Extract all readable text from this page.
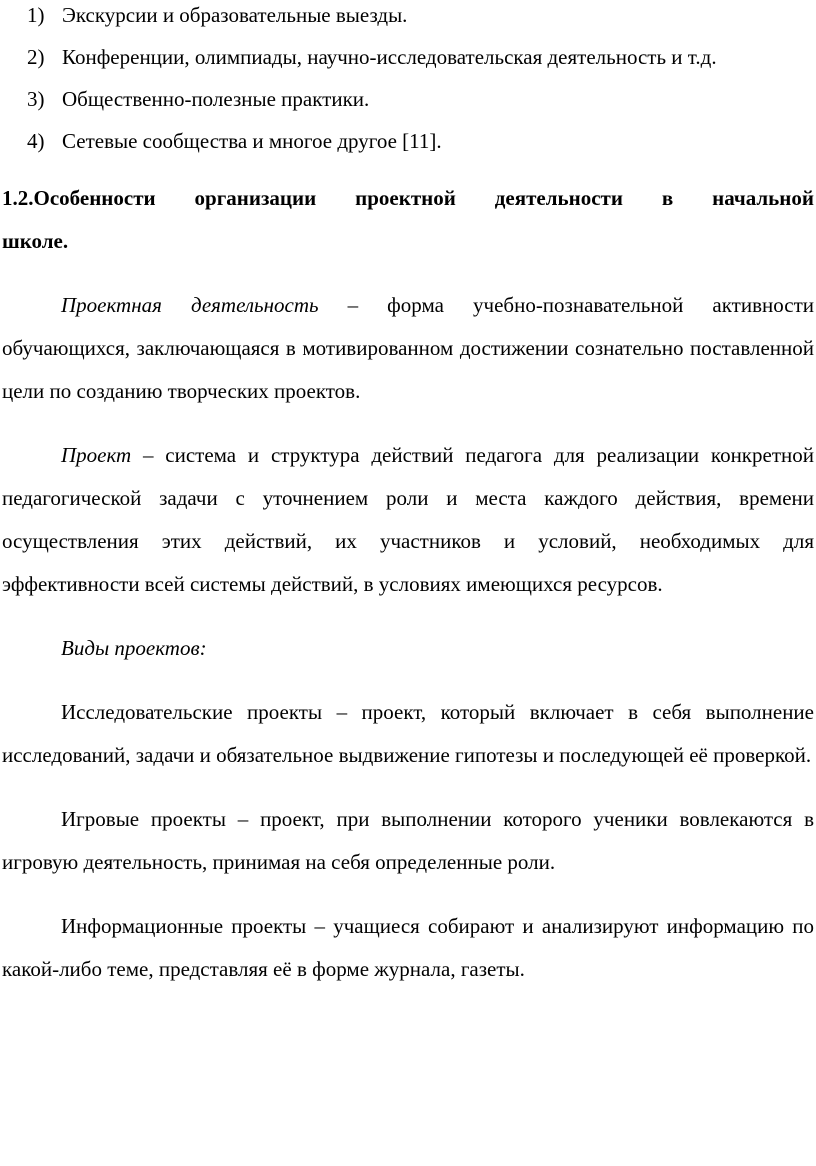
1) Экскурсии и образовательные выезды.
2) Конференции, олимпиады, научно-исследовательская деятельность и т.д.
3) Общественно-полезные практики.
4) Сетевые сообщества и многое другое [11].
1.2.Особенности организации проектной деятельности в начальной
школе.

Проектная деятельность – форма учебно-познавательной активности обучающихся, заключающаяся в мотивированном достижении сознательно поставленной цели по созданию творческих проектов.

Проект – система и структура действий педагога для реализации конкретной педагогической задачи с уточнением роли и места каждого действия, времени осуществления этих действий, их участников и условий, необходимых для эффективности всей системы действий, в условиях имеющихся ресурсов.

Виды проектов:

Исследовательские проекты – проект, который включает в себя выполнение исследований, задачи и обязательное выдвижение гипотезы и последующей её проверкой.

Игровые проекты – проект, при выполнении которого ученики вовлекаются в игровую деятельность, принимая на себя определенные роли.

Информационные проекты – учащиеся собирают и анализируют информацию по какой-либо теме, представляя её в форме журнала, газеты.
